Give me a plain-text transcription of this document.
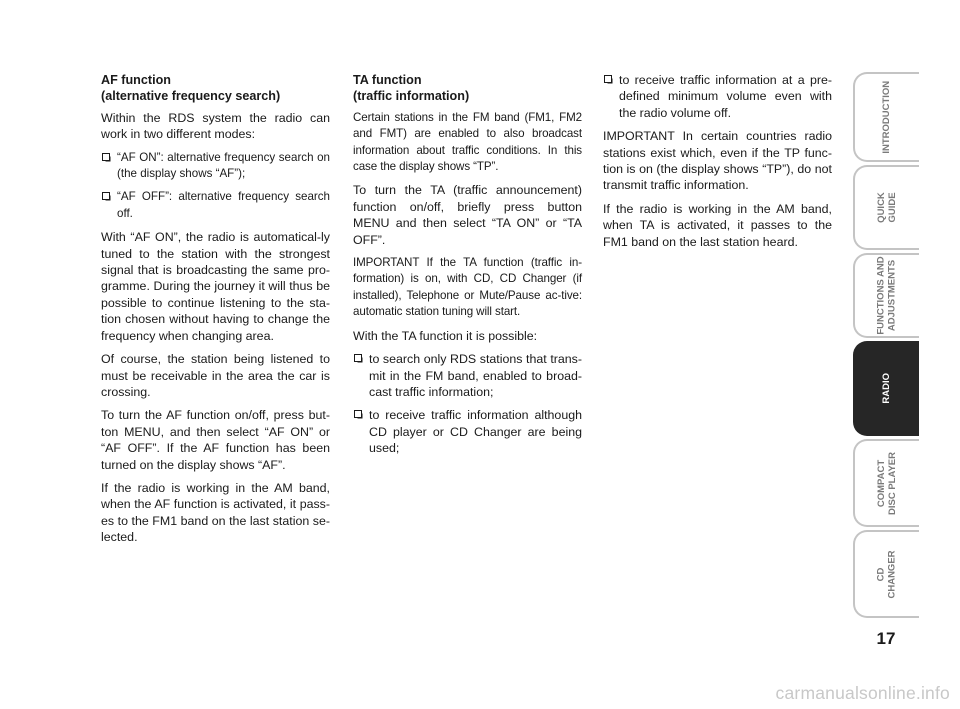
AF function
(alternative frequency search)

Within the RDS system the radio can work in two different modes:

“AF ON”: alternative frequency search on (the display shows “AF”);
“AF OFF”: alternative frequency search off.

With “AF ON”, the radio is automatical-ly tuned to the station with the strongest signal that is broadcasting the same pro-gramme. During the journey it will thus be possible to continue listening to the sta-tion chosen without having to change the frequency when changing area.

Of course, the station being listened to must be receivable in the area the car is crossing.

To turn the AF function on/off, press but-ton MENU, and then select “AF ON” or “AF OFF”. If the AF function has been turned on the display shows “AF”.

If the radio is working in the AM band, when the AF function is activated, it pass-es to the FM1 band on the last station se-lected.

TA function
(traffic information)

Certain stations in the FM band (FM1, FM2 and FMT) are enabled to also broadcast information about traffic conditions. In this case the display shows “TP”.

To turn the TA (traffic announcement) function on/off, briefly press button MENU and then select “TA ON” or “TA OFF”.

IMPORTANT If the TA function (traffic in-formation) is on, with CD, CD Changer (if installed), Telephone or Mute/Pause ac-tive: automatic station tuning will start.

With the TA function it is possible:

to search only RDS stations that trans-mit in the FM band, enabled to broad-cast traffic information;
to receive traffic information although CD player or CD Changer are being used;
to receive traffic information at a pre-defined minimum volume even with the radio volume off.

IMPORTANT In certain countries radio stations exist which, even if the TP func-tion is on (the display shows “TP”), do not transmit traffic information.

If the radio is working in the AM band, when TA is activated, it passes to the FM1 band on the last station heard.

INTRODUCTION
QUICK
GUIDE
FUNCTIONS AND
ADJUSTMENTS
RADIO
COMPACT
DISC PLAYER
CD
CHANGER
17
carmanualsonline.info
